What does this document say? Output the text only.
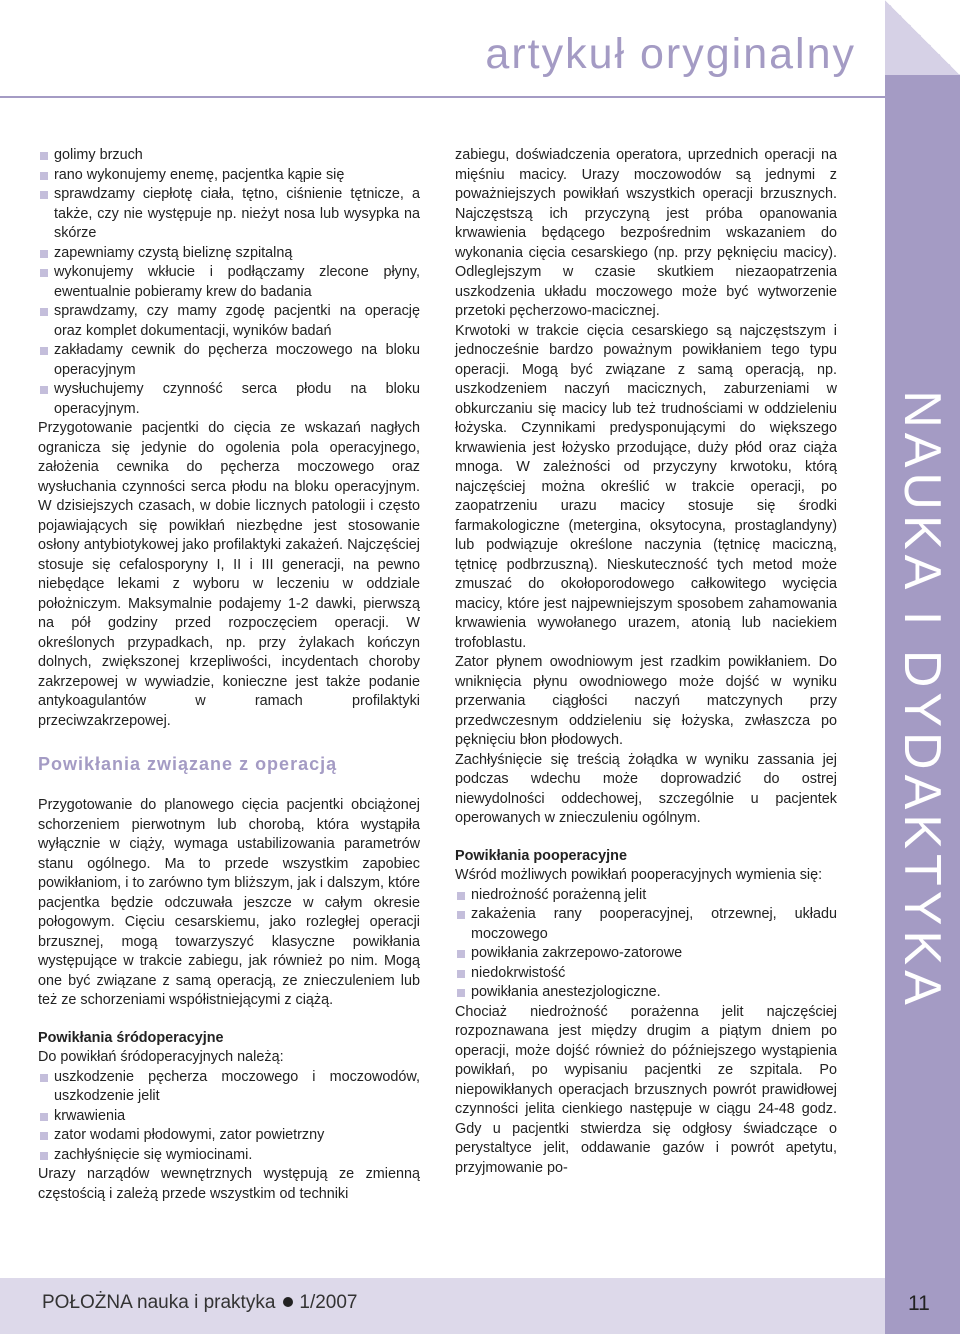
artykuł oryginalny
NAUKA I DYDAKTYKA
golimy brzuch
rano wykonujemy enemę, pacjentka kąpie się
sprawdzamy ciepłotę ciała, tętno, ciśnienie tętnicze, a także, czy nie występuje np. nieżyt nosa lub wysypka na skórze
zapewniamy czystą bieliznę szpitalną
wykonujemy wkłucie i podłączamy zlecone płyny, ewentualnie pobieramy krew do badania
sprawdzamy, czy mamy zgodę pacjentki na operację oraz komplet dokumentacji, wyników badań
zakładamy cewnik do pęcherza moczowego na bloku operacyjnym
wysłuchujemy czynność serca płodu na bloku operacyjnym.

Przygotowanie pacjentki do cięcia ze wskazań nagłych ogranicza się jedynie do ogolenia pola operacyjnego, założenia cewnika do pęcherza moczowego oraz wysłuchania czynności serca płodu na bloku operacyjnym. W dzisiejszych czasach, w dobie licznych patologii i często pojawiających się powikłań niezbędne jest stosowanie osłony antybiotykowej jako profilaktyki zakażeń. Najczęściej stosuje się cefalosporyny I, II i III generacji, na pewno niebędące lekami z wyboru w leczeniu w oddziale położniczym. Maksymalnie podajemy 1-2 dawki, pierwszą na pół godziny przed rozpoczęciem operacji. W określonych przypadkach, np. przy żylakach kończyn dolnych, zwiększonej krzepliwości, incydentach choroby zakrzepowej w wywiadzie, konieczne jest także podanie antykoagulantów w ramach profilaktyki przeciwzakrzepowej.

Powikłania związane z operacją

Przygotowanie do planowego cięcia pacjentki obciążonej schorzeniem pierwotnym lub chorobą, która wystąpiła wyłącznie w ciąży, wymaga ustabilizowania parametrów stanu ogólnego. Ma to przede wszystkim zapobiec powikłaniom, i to zarówno tym bliższym, jak i dalszym, które pacjentka będzie odczuwała jeszcze w całym okresie połogowym. Cięciu cesarskiemu, jako rozległej operacji brzusznej, mogą towarzyszyć klasyczne powikłania występujące w trakcie zabiegu, jak również po nim. Mogą one być związane z samą operacją, ze znieczuleniem lub też ze schorzeniami współistniejącymi z ciążą.

Powikłania śródoperacyjne

Do powikłań śródoperacyjnych należą:

uszkodzenie pęcherza moczowego i moczowodów, uszkodzenie jelit
krwawienia
zator wodami płodowymi, zator powietrzny
zachłyśnięcie się wymiocinami.

Urazy narządów wewnętrznych występują ze zmienną częstością i zależą przede wszystkim od techniki

zabiegu, doświadczenia operatora, uprzednich operacji na mięśniu macicy. Urazy moczowodów są jednymi z poważniejszych powikłań wszystkich operacji brzusznych. Najczęstszą ich przyczyną jest próba opanowania krwawienia będącego bezpośrednim wskazaniem do wykonania cięcia cesarskiego (np. przy pęknięciu macicy). Odleglejszym w czasie skutkiem niezaopatrzenia uszkodzenia układu moczowego może być wytworzenie przetoki pęcherzowo-macicznej.

Krwotoki w trakcie cięcia cesarskiego są najczęstszym i jednocześnie bardzo poważnym powikłaniem tego typu operacji. Mogą być związane z samą operacją, np. uszkodzeniem naczyń macicznych, zaburzeniami w obkurczaniu się macicy lub też trudnościami w oddzieleniu łożyska. Czynnikami predysponującymi do większego krwawienia jest łożysko przodujące, duży płód oraz ciąża mnoga. W zależności od przyczyny krwotoku, którą najczęściej można określić w trakcie operacji, po zaopatrzeniu urazu macicy stosuje się środki farmakologiczne (metergina, oksytocyna, prostaglandyny) lub podwiązuje określone naczynia (tętnicę maciczną, tętnicę podbrzuszną). Nieskuteczność tych metod może zmuszać do okołoporodowego całkowitego wycięcia macicy, które jest najpewniejszym sposobem zahamowania krwawienia wywołanego urazem, atonią lub naciekiem trofoblastu.

Zator płynem owodniowym jest rzadkim powikłaniem. Do wniknięcia płynu owodniowego może dojść w wyniku przerwania ciągłości naczyń matczynych przy przedwczesnym oddzieleniu się łożyska, zwłaszcza po pęknięciu błon płodowych.

Zachłyśnięcie się treścią żołądka w wyniku zassania jej podczas wdechu może doprowadzić do ostrej niewydolności oddechowej, szczególnie u pacjentek operowanych w znieczuleniu ogólnym.

Powikłania pooperacyjne

Wśród możliwych powikłań pooperacyjnych wymienia się:

niedrożność porażenną jelit
zakażenia rany pooperacyjnej, otrzewnej, układu moczowego
powikłania zakrzepowo-zatorowe
niedokrwistość
powikłania anestezjologiczne.

Chociaż niedrożność porażenna jelit najczęściej rozpoznawana jest między drugim a piątym dniem po operacji, może dojść również do późniejszego wystąpienia powikłań, po wypisaniu pacjentki ze szpitala. Po niepowikłanych operacjach brzusznych powrót prawidłowej czynności jelita cienkiego następuje w ciągu 24-48 godz. Gdy u pacjentki stwierdza się odgłosy świadczące o perystaltyce jelit, oddawanie gazów i powrót apetytu, przyjmowanie po-

POŁOŻNA nauka i praktyka 1/2007	11
